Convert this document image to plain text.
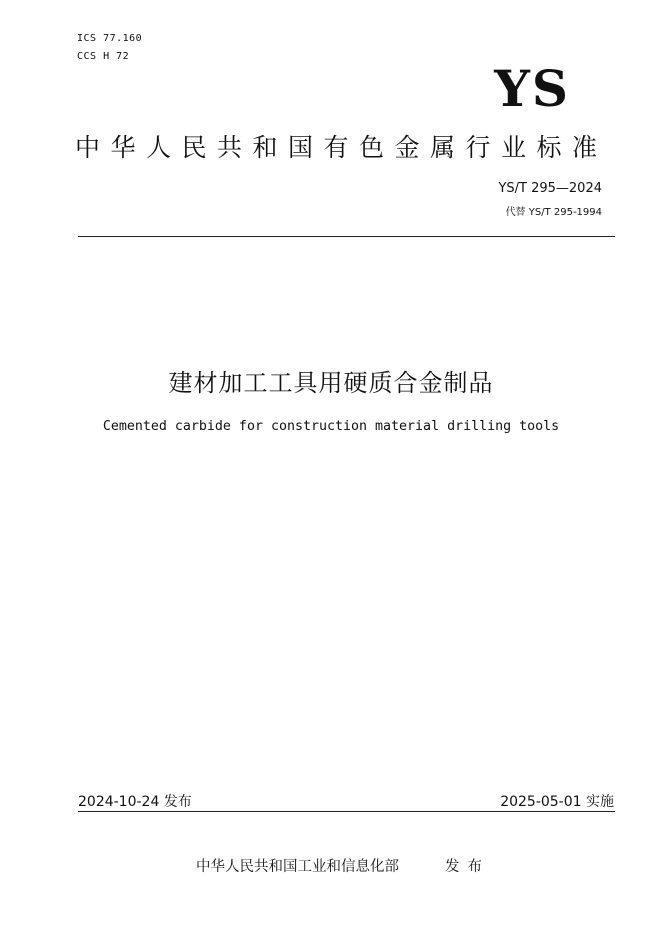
ICS 77.160
CCS H 72
YS
中华人民共和国有色金属行业标准
YS/T 295—2024
代替 YS/T 295-1994
建材加工工具用硬质合金制品
Cemented carbide for construction material drilling tools
2024-10-24 发布	2025-05-01 实施
中华人民共和国工业和信息化部	发布
